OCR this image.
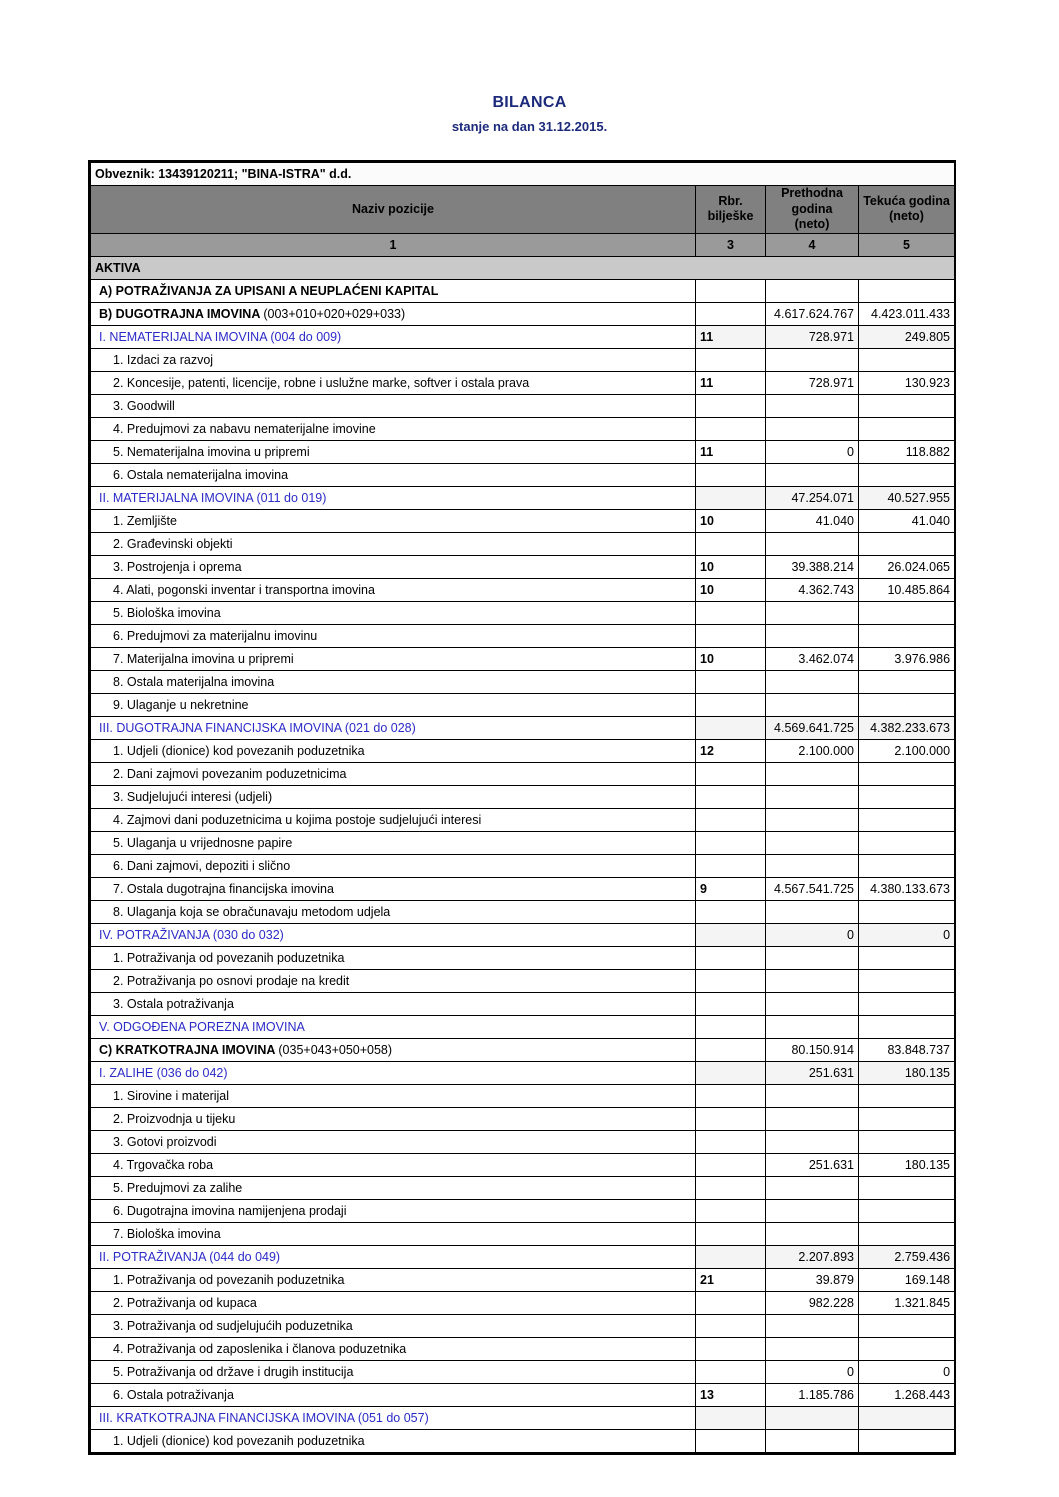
BILANCA
stanje na dan 31.12.2015.
Obveznik: 13439120211; "BINA-ISTRA" d.d.			
Naziv pozicije	
Rbr.
bilješke

Prethodna
godina
(neto)

Tekuća godina
(neto)

1	3	4	5
AKTIVA			
A) POTRAŽIVANJA ZA UPISANI A NEUPLAĆENI KAPITAL			
B) DUGOTRAJNA IMOVINA (003+010+020+029+033)		4.617.624.767	4.423.011.433
I. NEMATERIJALNA IMOVINA (004 do 009)	11	728.971	249.805
1. Izdaci za razvoj			
2. Koncesije, patenti, licencije, robne i uslužne marke, softver i ostala prava	11	728.971	130.923
3. Goodwill			
4. Predujmovi za nabavu nematerijalne imovine			
5. Nematerijalna imovina u pripremi	11	0	118.882
6. Ostala nematerijalna imovina			
II. MATERIJALNA IMOVINA (011 do 019)		47.254.071	40.527.955
1. Zemljište	10	41.040	41.040
2. Građevinski objekti			
3. Postrojenja i oprema	10	39.388.214	26.024.065
4. Alati, pogonski inventar i transportna imovina	10	4.362.743	10.485.864
5. Biološka imovina			
6. Predujmovi za materijalnu imovinu			
7. Materijalna imovina u pripremi	10	3.462.074	3.976.986
8. Ostala materijalna imovina			
9. Ulaganje u nekretnine			
III. DUGOTRAJNA FINANCIJSKA IMOVINA (021 do 028)		4.569.641.725	4.382.233.673
1. Udjeli (dionice) kod povezanih poduzetnika	12	2.100.000	2.100.000
2. Dani zajmovi povezanim poduzetnicima			
3. Sudjelujući interesi (udjeli)			
4. Zajmovi dani poduzetnicima u kojima postoje sudjelujući interesi			
5. Ulaganja u vrijednosne papire			
6. Dani zajmovi, depoziti i slično			
7. Ostala dugotrajna financijska imovina	9	4.567.541.725	4.380.133.673
8. Ulaganja koja se obračunavaju metodom udjela			
IV. POTRAŽIVANJA (030 do 032)		0	0
1. Potraživanja od povezanih poduzetnika			
2. Potraživanja po osnovi prodaje na kredit			
3. Ostala potraživanja			
V. ODGOĐENA POREZNA IMOVINA			
C) KRATKOTRAJNA IMOVINA (035+043+050+058)		80.150.914	83.848.737
I. ZALIHE (036 do 042)		251.631	180.135
1. Sirovine i materijal			
2. Proizvodnja u tijeku			
3. Gotovi proizvodi			
4. Trgovačka roba		251.631	180.135
5. Predujmovi za zalihe			
6. Dugotrajna imovina namijenjena prodaji			
7. Biološka imovina			
II. POTRAŽIVANJA (044 do 049)		2.207.893	2.759.436
1. Potraživanja od povezanih poduzetnika	21	39.879	169.148
2. Potraživanja od kupaca		982.228	1.321.845
3. Potraživanja od sudjelujućih poduzetnika			
4. Potraživanja od zaposlenika i članova poduzetnika			
5. Potraživanja od države i drugih institucija		0	0
6. Ostala potraživanja	13	1.185.786	1.268.443
III. KRATKOTRAJNA FINANCIJSKA IMOVINA (051 do 057)			
1. Udjeli (dionice) kod povezanih poduzetnika			
